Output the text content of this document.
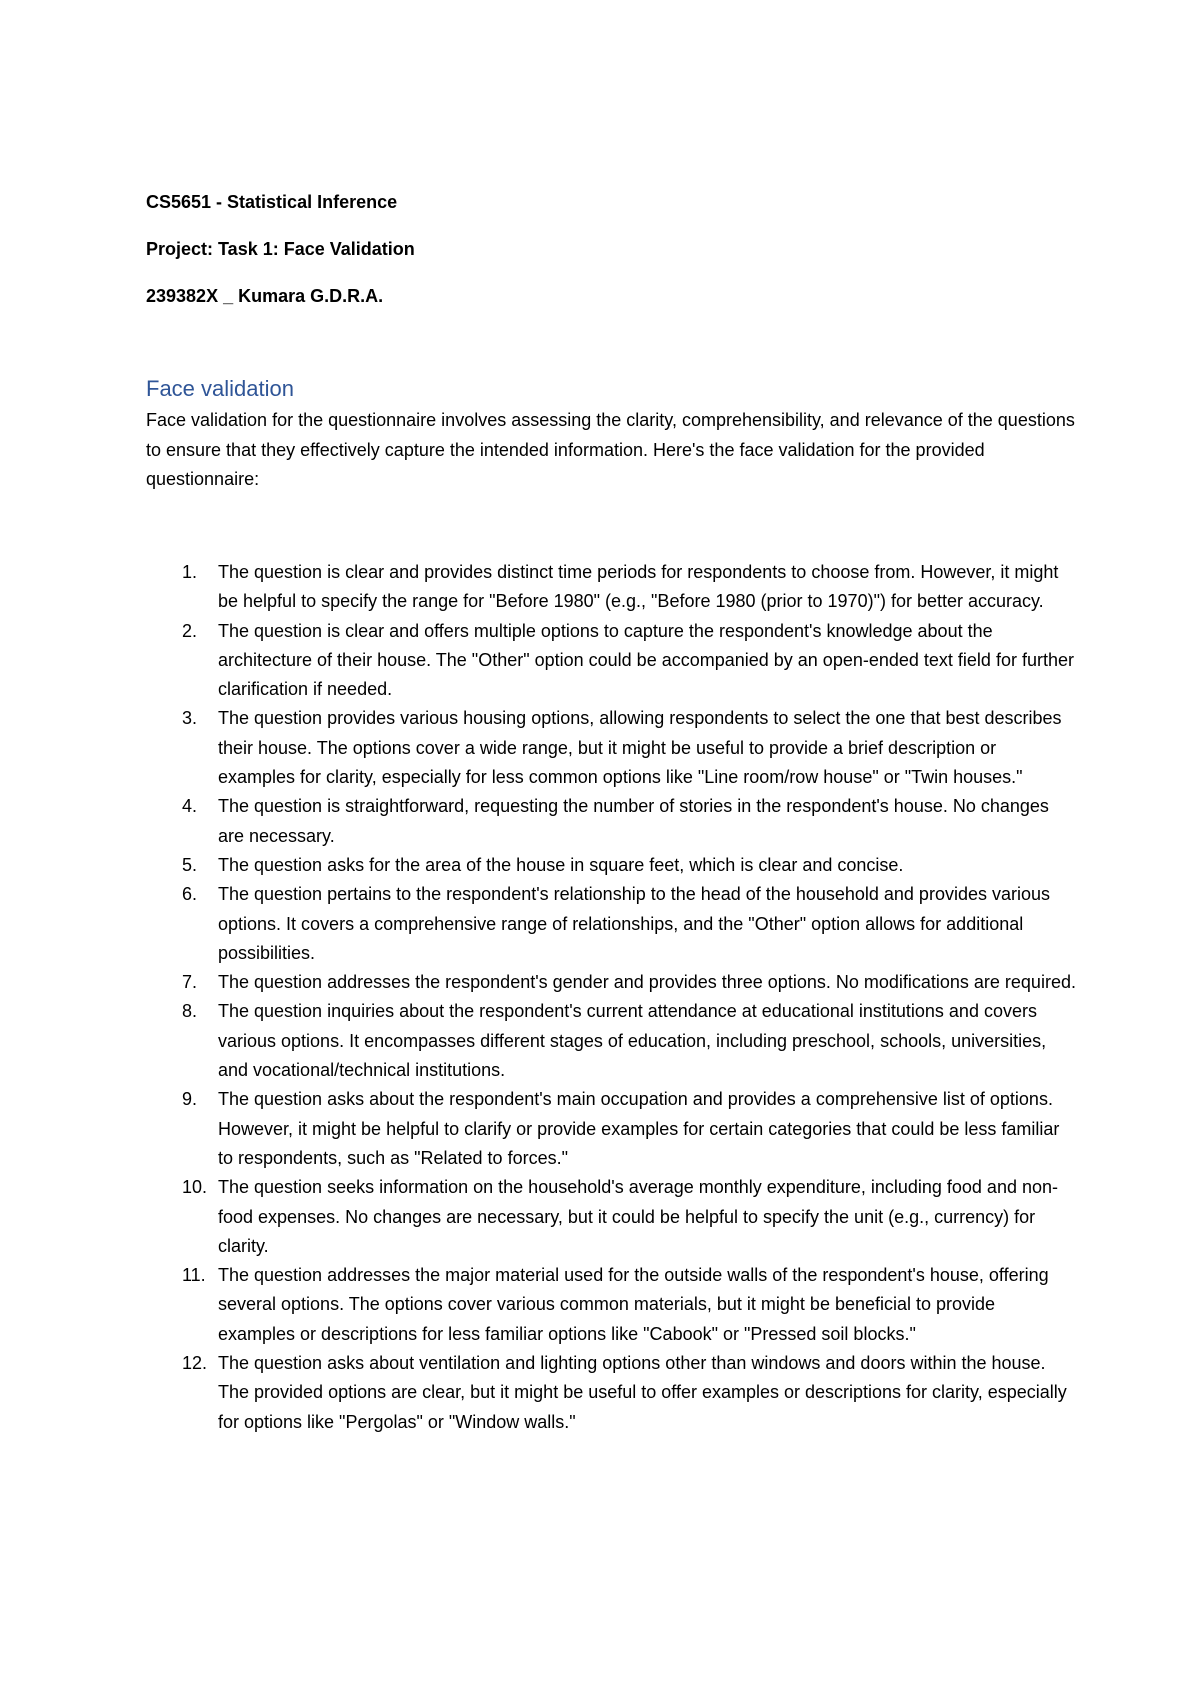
CS5651 - Statistical Inference

Project: Task 1: Face Validation

239382X _ Kumara G.D.R.A.

Face validation

Face validation for the questionnaire involves assessing the clarity, comprehensibility, and relevance of the questions to ensure that they effectively capture the intended information. Here's the face validation for the provided questionnaire:

1.	The question is clear and provides distinct time periods for respondents to choose from. However, it might be helpful to specify the range for "Before 1980" (e.g., "Before 1980 (prior to 1970)") for better accuracy.
2.	The question is clear and offers multiple options to capture the respondent's knowledge about the architecture of their house. The "Other" option could be accompanied by an open-ended text field for further clarification if needed.
3.	The question provides various housing options, allowing respondents to select the one that best describes their house. The options cover a wide range, but it might be useful to provide a brief description or examples for clarity, especially for less common options like "Line room/row house" or "Twin houses."
4.	The question is straightforward, requesting the number of stories in the respondent's house. No changes are necessary.
5.	The question asks for the area of the house in square feet, which is clear and concise.
6.	The question pertains to the respondent's relationship to the head of the household and provides various options. It covers a comprehensive range of relationships, and the "Other" option allows for additional possibilities.
7.	The question addresses the respondent's gender and provides three options. No modifications are required.
8.	The question inquiries about the respondent's current attendance at educational institutions and covers various options. It encompasses different stages of education, including preschool, schools, universities, and vocational/technical institutions.
9.	The question asks about the respondent's main occupation and provides a comprehensive list of options. However, it might be helpful to clarify or provide examples for certain categories that could be less familiar to respondents, such as "Related to forces."
10. The question seeks information on the household's average monthly expenditure, including food and non-food expenses. No changes are necessary, but it could be helpful to specify the unit (e.g., currency) for clarity.
11. The question addresses the major material used for the outside walls of the respondent's house, offering several options. The options cover various common materials, but it might be beneficial to provide examples or descriptions for less familiar options like "Cabook" or "Pressed soil blocks."
12. The question asks about ventilation and lighting options other than windows and doors within the house. The provided options are clear, but it might be useful to offer examples or descriptions for clarity, especially for options like "Pergolas" or "Window walls."
